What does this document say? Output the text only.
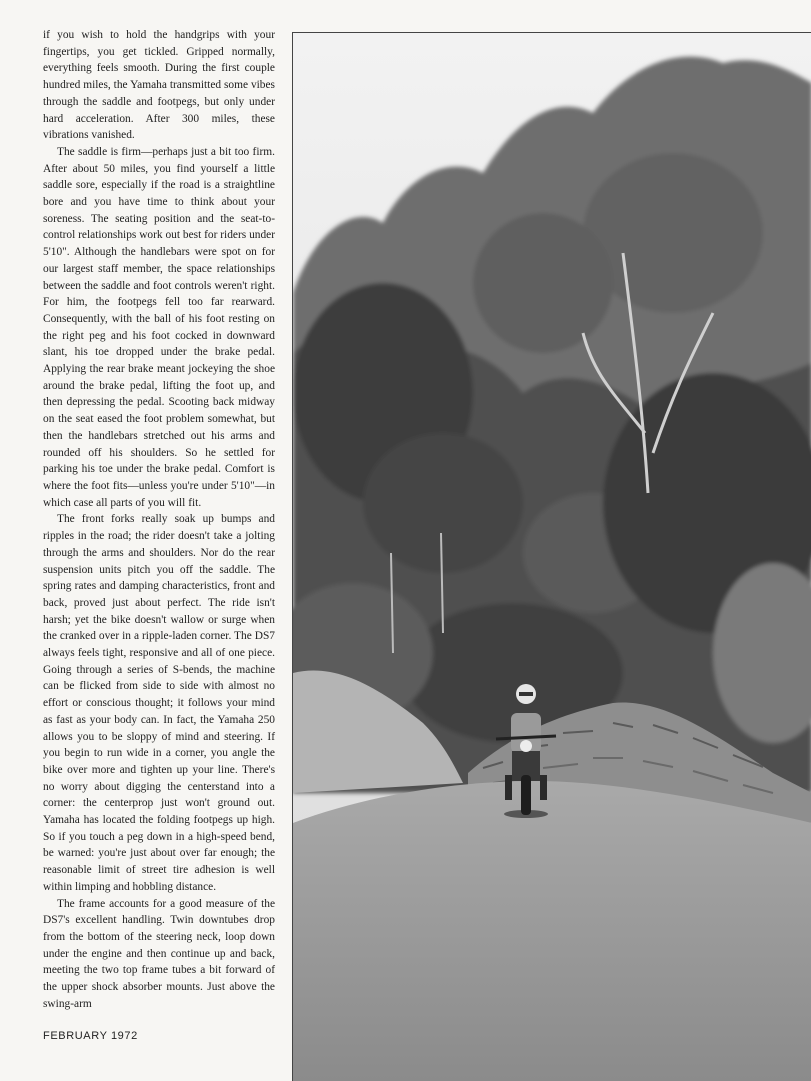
if you wish to hold the handgrips with your fingertips, you get tickled. Gripped normally, everything feels smooth. During the first couple hundred miles, the Yamaha transmitted some vibes through the saddle and footpegs, but only under hard acceleration. After 300 miles, these vibrations vanished.

The saddle is firm—perhaps just a bit too firm. After about 50 miles, you find yourself a little saddle sore, especially if the road is a straightline bore and you have time to think about your soreness. The seating position and the seat-to-control relationships work out best for riders under 5'10". Although the handlebars were spot on for our largest staff member, the space relationships between the saddle and foot controls weren't right. For him, the footpegs fell too far rearward. Consequently, with the ball of his foot resting on the right peg and his foot cocked in downward slant, his toe dropped under the brake pedal. Applying the rear brake meant jockeying the shoe around the brake pedal, lifting the foot up, and then depressing the pedal. Scooting back midway on the seat eased the foot problem somewhat, but then the handlebars stretched out his arms and rounded off his shoulders. So he settled for parking his toe under the brake pedal. Comfort is where the foot fits—unless you're under 5'10"—in which case all parts of you will fit.

The front forks really soak up bumps and ripples in the road; the rider doesn't take a jolting through the arms and shoulders. Nor do the rear suspension units pitch you off the saddle. The spring rates and damping characteristics, front and back, proved just about perfect. The ride isn't harsh; yet the bike doesn't wallow or surge when the cranked over in a ripple-laden corner. The DS7 always feels tight, responsive and all of one piece. Going through a series of S-bends, the machine can be flicked from side to side with almost no effort or conscious thought; it follows your mind as fast as your body can. In fact, the Yamaha 250 allows you to be sloppy of mind and steering. If you begin to run wide in a corner, you angle the bike over more and tighten up your line. There's no worry about digging the centerstand into a corner: the centerprop just won't ground out. Yamaha has located the folding footpegs up high. So if you touch a peg down in a high-speed bend, be warned: you're just about over far enough; the reasonable limit of street tire adhesion is well within limping and hobbling distance.

The frame accounts for a good measure of the DS7's excellent handling. Twin downtubes drop from the bottom of the steering neck, loop down under the engine and then continue up and back, meeting the two top frame tubes a bit forward of the upper shock absorber mounts. Just above the swing-arm

FEBRUARY 1972
